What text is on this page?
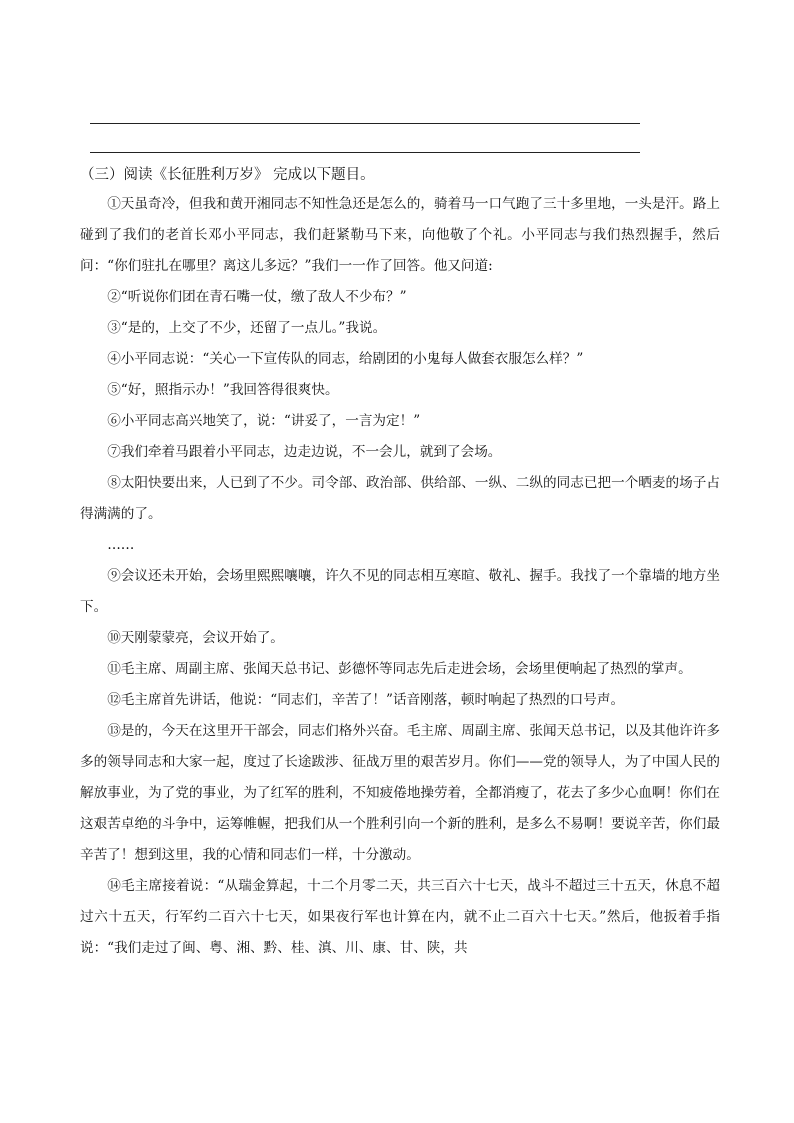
（三）阅读《长征胜利万岁》 完成以下题目。

①天虽奇冷，但我和黄开湘同志不知性急还是怎么的，骑着马一口气跑了三十多里地，一头是汗。路上碰到了我们的老首长邓小平同志，我们赶紧勒马下来，向他敬了个礼。小平同志与我们热烈握手，然后问：“你们驻扎在哪里？离这儿多远？”我们一一作了回答。他又问道:

②“听说你们团在青石嘴一仗，缴了敌人不少布？”

③“是的，上交了不少，还留了一点儿。”我说。

④小平同志说：“关心一下宣传队的同志，给剧团的小鬼每人做套衣服怎么样？”

⑤“好，照指示办！”我回答得很爽快。

⑥小平同志高兴地笑了，说：“讲妥了，一言为定！”

⑦我们牵着马跟着小平同志，边走边说，不一会儿，就到了会场。

⑧太阳快要出来，人已到了不少。司令部、政治部、供给部、一纵、二纵的同志已把一个晒麦的场子占得满满的了。

……

⑨会议还未开始，会场里熙熙嚷嚷，许久不见的同志相互寒暄、敬礼、握手。我找了一个靠墙的地方坐下。

⑩天刚蒙蒙亮，会议开始了。

⑪毛主席、周副主席、张闻天总书记、彭德怀等同志先后走进会场，会场里便响起了热烈的掌声。

⑫毛主席首先讲话，他说：“同志们，辛苦了！”话音刚落，顿时响起了热烈的口号声。

⑬是的，今天在这里开干部会，同志们格外兴奋。毛主席、周副主席、张闻天总书记，以及其他许许多多的领导同志和大家一起，度过了长途跋涉、征战万里的艰苦岁月。你们——党的领导人，为了中国人民的解放事业，为了党的事业，为了红军的胜利，不知疲倦地操劳着，全都消瘦了，花去了多少心血啊！你们在这艰苦卓绝的斗争中，运筹帷幄，把我们从一个胜利引向一个新的胜利，是多么不易啊！要说辛苦，你们最辛苦了！想到这里，我的心情和同志们一样，十分激动。

⑭毛主席接着说：“从瑞金算起，十二个月零二天，共三百六十七天，战斗不超过三十五天，休息不超过六十五天，行军约二百六十七天，如果夜行军也计算在内，就不止二百六十七天。”然后，他扳着手指说：“我们走过了闽、粤、湘、黔、桂、滇、川、康、甘、陕，共
